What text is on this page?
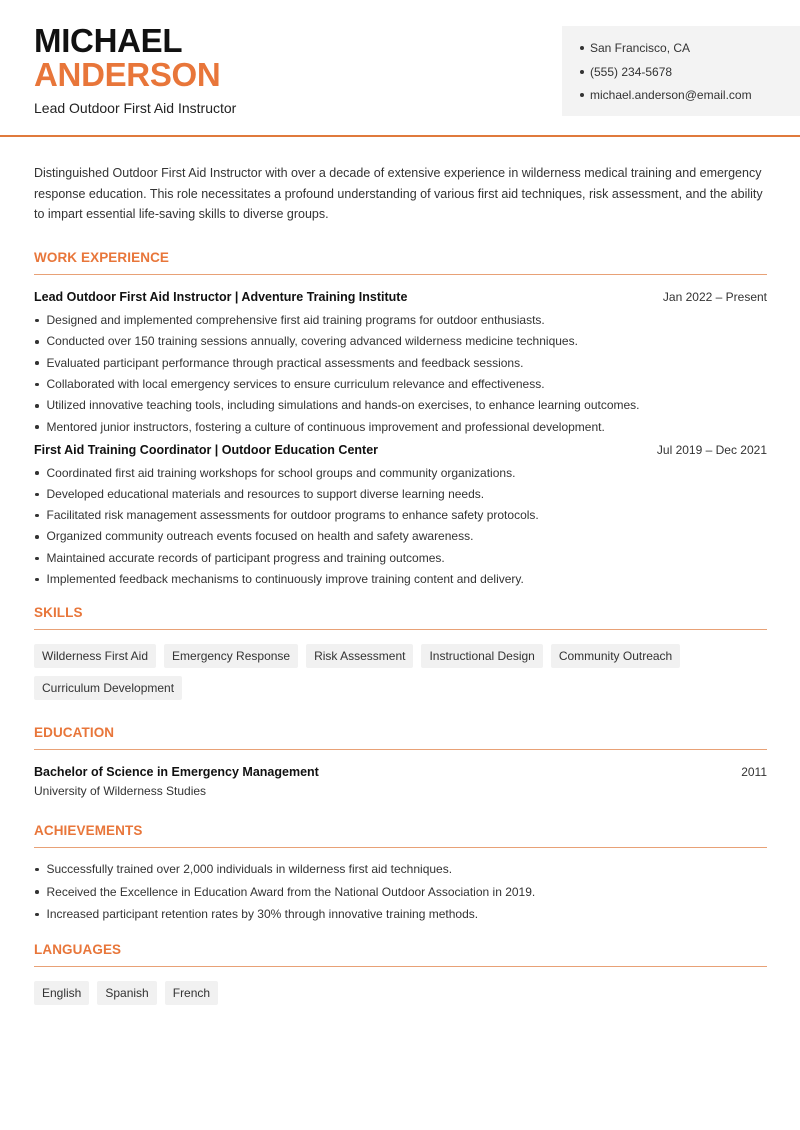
MICHAEL
ANDERSON
Lead Outdoor First Aid Instructor
San Francisco, CA
(555) 234-5678
michael.anderson@email.com

Distinguished Outdoor First Aid Instructor with over a decade of extensive experience in wilderness medical training and emergency response education. This role necessitates a profound understanding of various first aid techniques, risk assessment, and the ability to impart essential life-saving skills to diverse groups.

WORK EXPERIENCE
Lead Outdoor First Aid Instructor | Adventure Training Institute	Jan 2022 – Present
Designed and implemented comprehensive first aid training programs for outdoor enthusiasts.
Conducted over 150 training sessions annually, covering advanced wilderness medicine techniques.
Evaluated participant performance through practical assessments and feedback sessions.
Collaborated with local emergency services to ensure curriculum relevance and effectiveness.
Utilized innovative teaching tools, including simulations and hands-on exercises, to enhance learning outcomes.
Mentored junior instructors, fostering a culture of continuous improvement and professional development.
First Aid Training Coordinator | Outdoor Education Center	Jul 2019 – Dec 2021
Coordinated first aid training workshops for school groups and community organizations.
Developed educational materials and resources to support diverse learning needs.
Facilitated risk management assessments for outdoor programs to enhance safety protocols.
Organized community outreach events focused on health and safety awareness.
Maintained accurate records of participant progress and training outcomes.
Implemented feedback mechanisms to continuously improve training content and delivery.
SKILLS
Wilderness First Aid	Emergency Response	Risk Assessment	Instructional Design	Community Outreach
Curriculum Development
EDUCATION
Bachelor of Science in Emergency Management	2011
University of Wilderness Studies
ACHIEVEMENTS
Successfully trained over 2,000 individuals in wilderness first aid techniques.
Received the Excellence in Education Award from the National Outdoor Association in 2019.
Increased participant retention rates by 30% through innovative training methods.
LANGUAGES
English	Spanish	French
